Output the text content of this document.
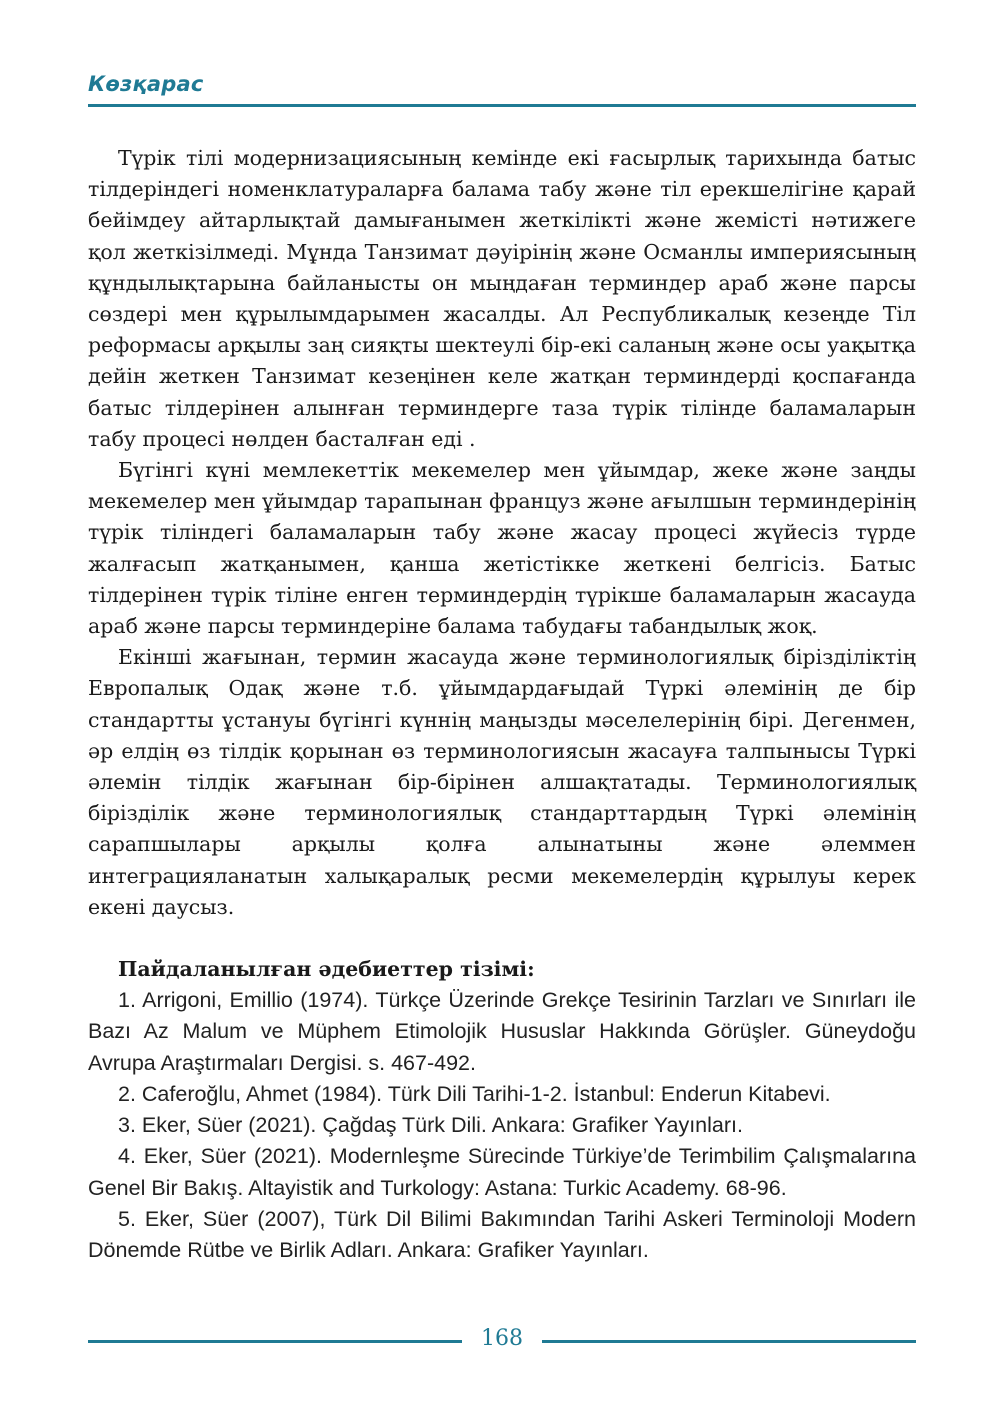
Көзқарас

Түрік тілі модернизациясының кемінде екі ғасырлық тарихында батыс тілдеріндегі номенклатураларға балама табу және тіл ерекшелігіне қарай бейімдеу айтарлықтай дамығанымен жеткілікті және жемісті нәтижеге қол жеткізілмеді. Мұнда Танзимат дәуірінің және Османлы империясының құндылықтарына байланысты он мыңдаған терминдер араб және парсы сөздері мен құрылымдарымен жасалды. Ал Республикалық кезеңде Тіл реформасы арқылы заң сияқты шектеулі бір-екі саланың және осы уақытқа дейін жеткен Танзимат кезеңінен келе жатқан терминдерді қоспағанда батыс тілдерінен алынған терминдерге таза түрік тілінде баламаларын табу процесі нөлден басталған еді .

Бүгінгі күні мемлекеттік мекемелер мен ұйымдар, жеке және заңды мекемелер мен ұйымдар тарапынан француз және ағылшын терминдерінің түрік тіліндегі баламаларын табу және жасау процесі жүйесіз түрде жалғасып жатқанымен, қанша жетістікке жеткені белгісіз. Батыс тілдерінен түрік тіліне енген терминдердің түрікше баламаларын жасауда араб және парсы терминдеріне балама табудағы табандылық жоқ.

Екінші жағынан, термин жасауда және терминологиялық бірізділіктің Европалық Одақ және т.б. ұйымдардағыдай Түркі әлемінің де бір стандартты ұстануы бүгінгі күннің маңызды мәселелерінің бірі. Дегенмен, әр елдің өз тілдік қорынан өз терминологиясын жасауға талпынысы Түркі әлемін тілдік жағынан бір-бірінен алшақтатады. Терминологиялық бірізділік және терминологиялық стандарттардың Түркі әлемінің сарапшылары арқылы қолға алынатыны және әлеммен интеграцияланатын халықаралық ресми мекемелердің құрылуы керек екені даусыз.

Пайдаланылған әдебиеттер тізімі:

1. Arrigoni, Emillio (1974). Türkçe Üzerinde Grekçe Tesirinin Tarzları ve Sınırları ile Bazı Az Malum ve Müphem Etimolojik Hususlar Hakkında Görüşler. Güneydoğu Avrupa Araştırmaları Dergisi. s. 467-492.

2. Caferoğlu, Ahmet (1984). Türk Dili Tarihi-1-2. İstanbul: Enderun Kitabevi.

3. Eker, Süer (2021). Çağdaş Türk Dili. Ankara: Grafiker Yayınları.

4. Eker, Süer (2021). Modernleşme Sürecinde Türkiye’de Terimbilim Çalışmalarına Genel Bir Bakış. Altayistik and Turkology: Astana: Turkic Academy. 68-96.

5. Eker, Süer (2007), Türk Dil Bilimi Bakımından Tarihi Askeri Terminoloji Modern Dönemde Rütbe ve Birlik Adları. Ankara: Grafiker Yayınları.

168
